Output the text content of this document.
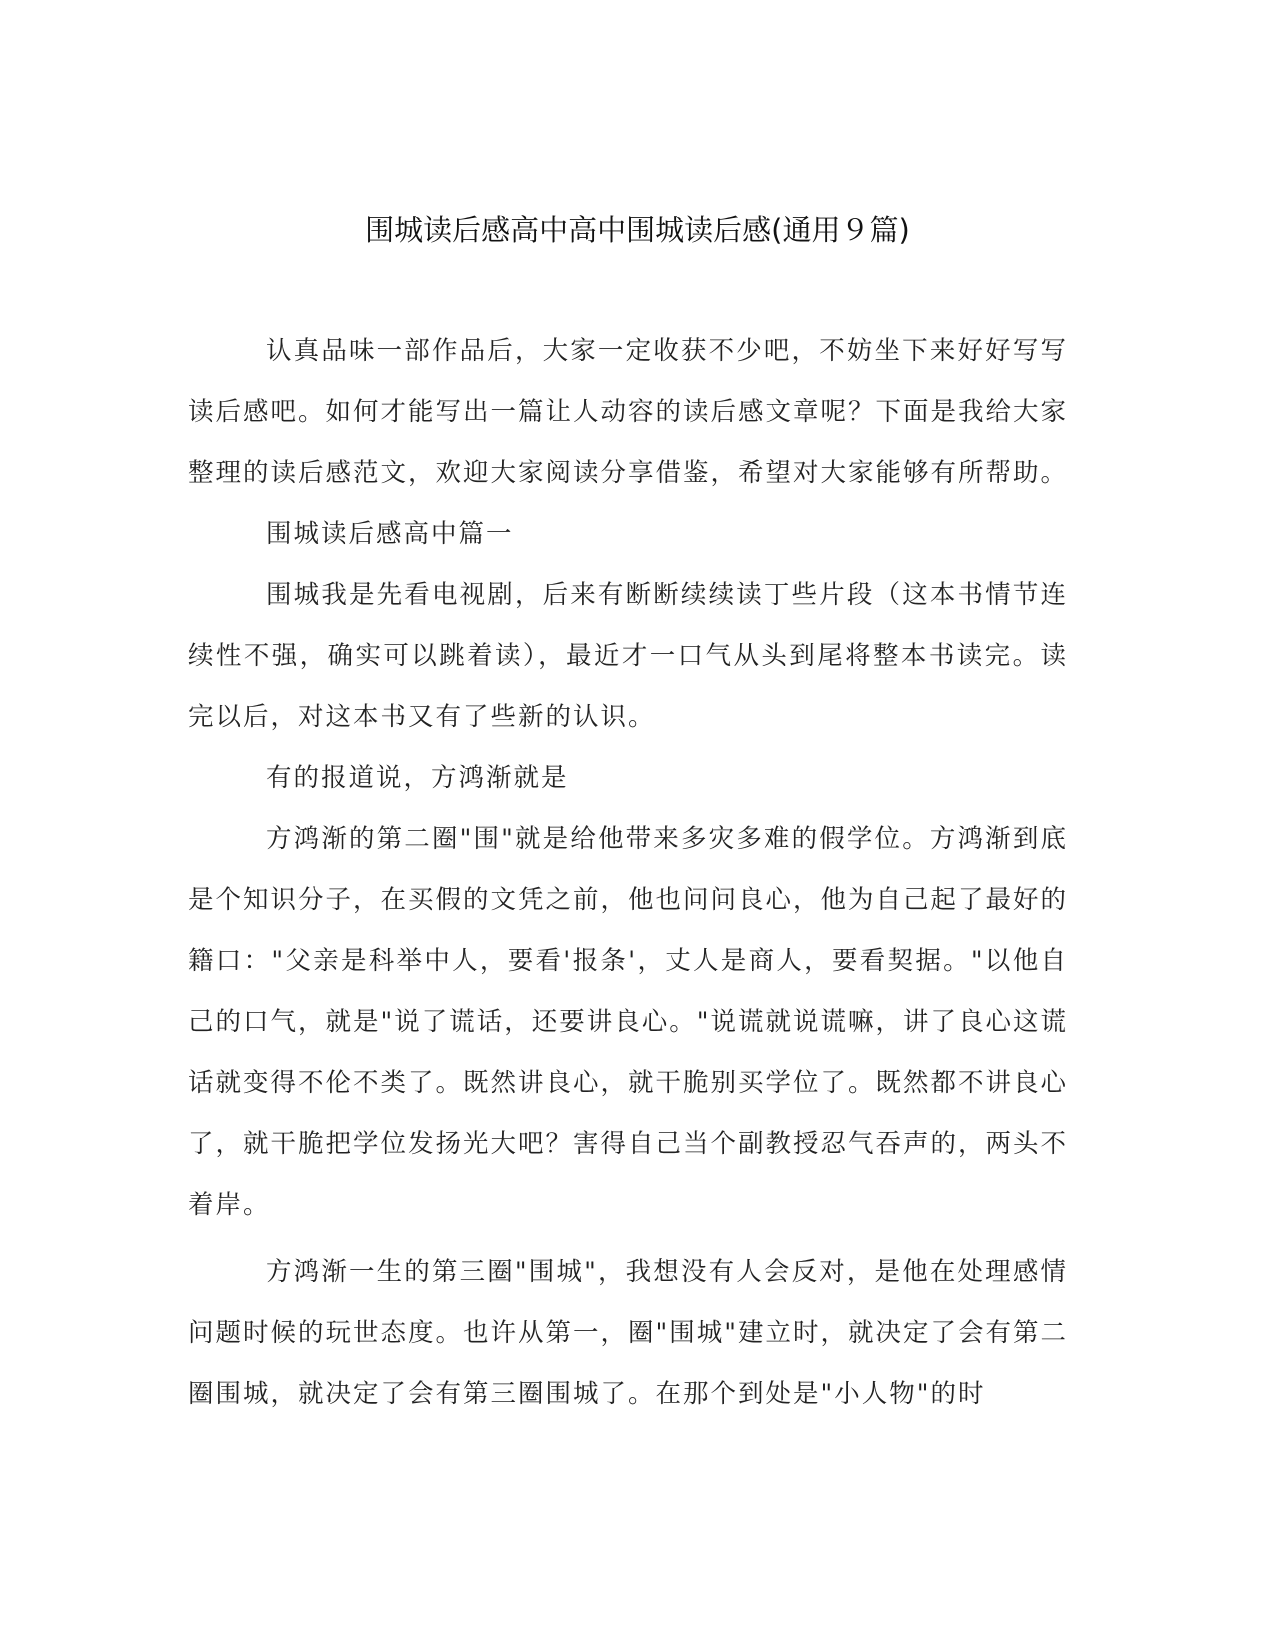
围城读后感高中高中围城读后感(通用９篇)

认真品味一部作品后，大家一定收获不少吧，不妨坐下来好好写写读后感吧。如何才能写出一篇让人动容的读后感文章呢？下面是我给大家整理的读后感范文，欢迎大家阅读分享借鉴，希望对大家能够有所帮助。

围城读后感高中篇一

围城我是先看电视剧，后来有断断续续读丁些片段（这本书情节连续性不强，确实可以跳着读），最近才一口气从头到尾将整本书读完。读完以后，对这本书又有了些新的认识。

有的报道说，方鸿渐就是

方鸿渐的第二圈"围"就是给他带来多灾多难的假学位。方鸿渐到底是个知识分子，在买假的文凭之前，他也问问良心，他为自己起了最好的籍口："父亲是科举中人，要看'报条'，丈人是商人，要看契据。"以他自己的口气，就是"说了谎话，还要讲良心。"说谎就说谎嘛，讲了良心这谎话就变得不伦不类了。既然讲良心，就干脆别买学位了。既然都不讲良心了，就干脆把学位发扬光大吧？害得自己当个副教授忍气吞声的，两头不着岸。

方鸿渐一生的第三圈"围城"，我想没有人会反对，是他在处理感情问题时候的玩世态度。也许从第一，圈"围城"建立时，就决定了会有第二圈围城，就决定了会有第三圈围城了。在那个到处是"小人物"的时
